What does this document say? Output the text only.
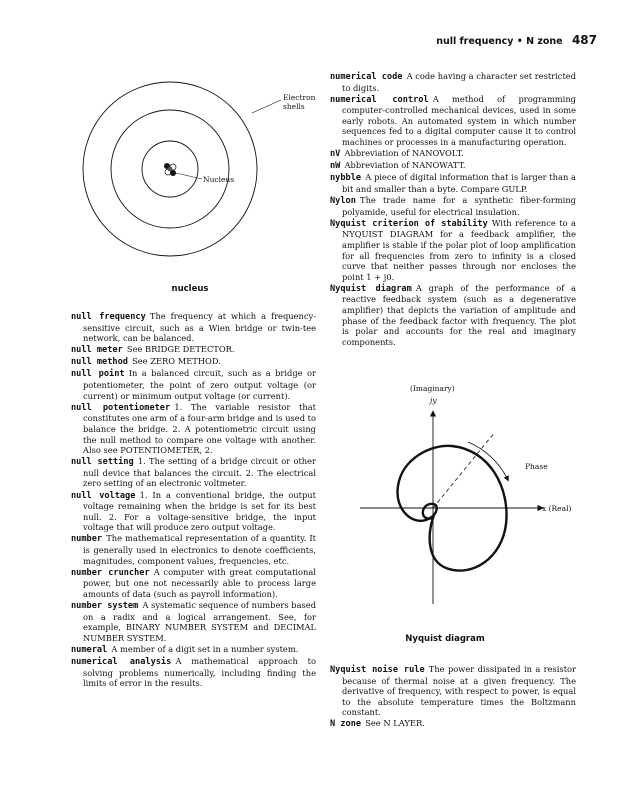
null frequency • N zone 487
Electron
shells
Nucleus
nucleus

null frequency  The frequency at which a frequency-sensitive circuit, such as a Wien bridge or twin-tee network, can be balanced.

null meter  See BRIDGE DETECTOR.

null method  See ZERO METHOD.

null point  In a balanced circuit, such as a bridge or potentiometer, the point of zero output voltage (or current) or minimum output voltage (or current).

null potentiometer  1. The variable resistor that constitutes one arm of a four-arm bridge and is used to balance the bridge. 2. A potentiometric circuit using the null method to compare one voltage with another. Also see POTENTIOMETER, 2.

null setting  1. The setting of a bridge circuit or other null device that balances the circuit. 2. The electrical zero setting of an electronic voltmeter.

null voltage  1. In a conventional bridge, the output voltage remaining when the bridge is set for its best null. 2. For a voltage-sensitive bridge, the input voltage that will produce zero output voltage.

number  The mathematical representation of a quantity. It is generally used in electronics to denote coefficients, magnitudes, component values, frequencies, etc.

number cruncher  A computer with great computational power, but one not necessarily able to process large amounts of data (such as payroll information).

number system  A systematic sequence of numbers based on a radix and a logical arrangement. See, for example, BINARY NUMBER SYSTEM and DECIMAL NUMBER SYSTEM.

numeral  A member of a digit set in a number system.

numerical analysis  A mathematical approach to solving problems numerically, including finding the limits of error in the results.

numerical code  A code having a character set restricted to digits.

numerical control  A method of programming computer-controlled mechanical devices, used in some early robots. An automated system in which number sequences fed to a digital computer cause it to control machines or processes in a manufacturing operation.

nV  Abbreviation of NANOVOLT.

nW  Abbreviation of NANOWATT.

nybble  A piece of digital information that is larger than a bit and smaller than a byte. Compare GULP.

Nylon  The trade name for a synthetic fiber-forming polyamide, useful for electrical insulation.

Nyquist criterion of stability  With reference to a NYQUIST DIAGRAM for a feedback amplifier, the amplifier is stable if the polar plot of loop amplification for all frequencies from zero to infinity is a closed curve that neither passes through nor encloses the point 1 + j0.

Nyquist diagram  A graph of the performance of a reactive feedback system (such as a degenerative amplifier) that depicts the variation of amplitude and phase of the feedback factor with frequency. The plot is polar and accounts for the real and imaginary components.

(Imaginary)
jy
Phase
x (Real)
Nyquist diagram

Nyquist noise rule  The power dissipated in a resistor because of thermal noise at a given frequency. The derivative of frequency, with respect to power, is equal to the absolute temperature times the Boltzmann constant.

N zone  See N LAYER.
